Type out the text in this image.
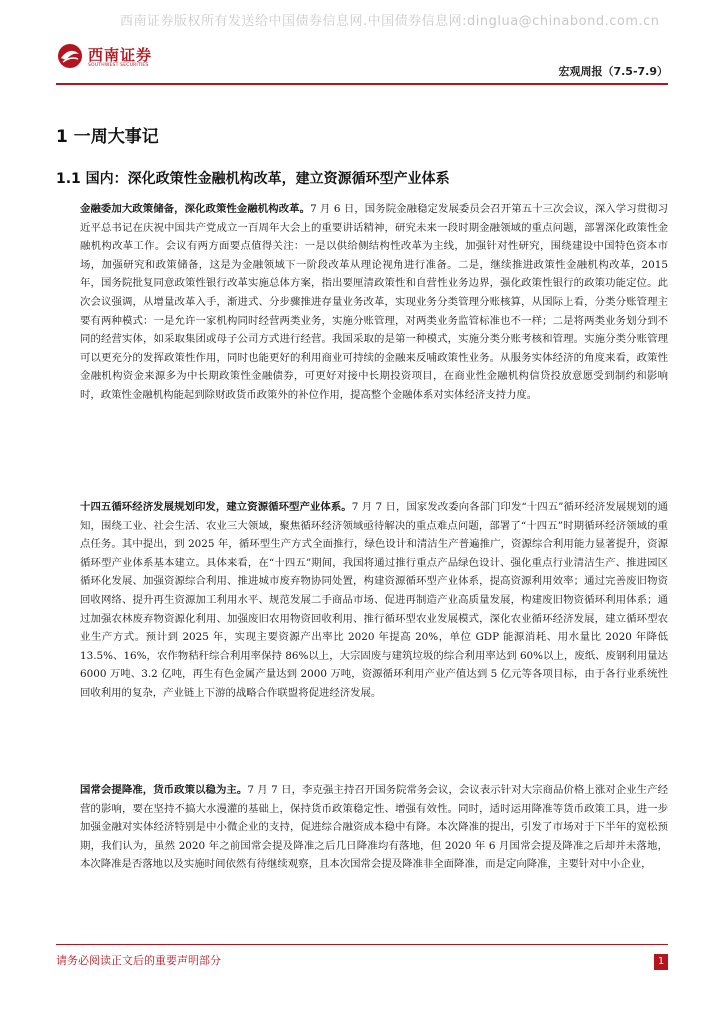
西南证券版权所有发送给中国债券信息网.中国债券信息网:dinglua@chinabond.com.cn
西南证券
SOUTHWEST SECURITIES	宏观周报（7.5-7.9）
1 一周大事记
1.1 国内：深化政策性金融机构改革，建立资源循环型产业体系
金融委加大政策储备，深化政策性金融机构改革。7 月 6 日，国务院金融稳定发展委员会召开第五十三次会议，深入学习贯彻习近平总书记在庆祝中国共产党成立一百周年大会上的重要讲话精神，研究未来一段时期金融领域的重点问题，部署深化政策性金融机构改革工作。会议有两方面要点值得关注：一是以供给侧结构性改革为主线，加强针对性研究，围绕建设中国特色资本市场，加强研究和政策储备，这是为金融领域下一阶段改革从理论视角进行准备。二是，继续推进政策性金融机构改革，2015 年，国务院批复同意政策性银行改革实施总体方案，指出要厘清政策性和自营性业务边界，强化政策性银行的政策功能定位。此次会议强调，从增量改革入手，渐进式、分步骤推进存量业务改革，实现业务分类管理分账核算，从国际上看，分类分账管理主要有两种模式：一是允许一家机构同时经营两类业务，实施分账管理，对两类业务监管标准也不一样；二是将两类业务划分到不同的经营实体，如采取集团或母子公司方式进行经营。我国采取的是第一种模式，实施分类分账考核和管理。实施分类分账管理可以更充分的发挥政策性作用，同时也能更好的利用商业可持续的金融来反哺政策性业务。从服务实体经济的角度来看，政策性金融机构资金来源多为中长期政策性金融债券，可更好对接中长期投资项目，在商业性金融机构信贷投放意愿受到制约和影响时，政策性金融机构能起到除财政货币政策外的补位作用，提高整个金融体系对实体经济支持力度。
十四五循环经济发展规划印发，建立资源循环型产业体系。7 月 7 日，国家发改委向各部门印发“十四五”循环经济发展规划的通知，围绕工业、社会生活、农业三大领域，聚焦循环经济领域亟待解决的重点难点问题，部署了“十四五”时期循环经济领域的重点任务。其中提出，到 2025 年，循环型生产方式全面推行，绿色设计和清洁生产普遍推广，资源综合利用能力显著提升，资源循环型产业体系基本建立。具体来看，在“十四五”期间，我国将通过推行重点产品绿色设计、强化重点行业清洁生产、推进园区循环化发展、加强资源综合利用、推进城市废弃物协同处置，构建资源循环型产业体系，提高资源利用效率；通过完善废旧物资回收网络、提升再生资源加工利用水平、规范发展二手商品市场、促进再制造产业高质量发展，构建废旧物资循环利用体系；通过加强农林废弃物资源化利用、加强废旧农用物资回收利用、推行循环型农业发展模式，深化农业循环经济发展，建立循环型农业生产方式。预计到 2025 年，实现主要资源产出率比 2020 年提高 20%，单位 GDP 能源消耗、用水量比 2020 年降低 13.5%、16%，农作物秸秆综合利用率保持 86%以上，大宗固废与建筑垃圾的综合利用率达到 60%以上，废纸、废钢利用量达 6000 万吨、3.2 亿吨，再生有色金属产量达到 2000 万吨，资源循环利用产业产值达到 5 亿元等各项目标，由于各行业系统性回收利用的复杂，产业链上下游的战略合作联盟将促进经济发展。
国常会提降准，货币政策以稳为主。7 月 7 日，李克强主持召开国务院常务会议，会议表示针对大宗商品价格上涨对企业生产经营的影响，要在坚持不搞大水漫灌的基础上，保持货币政策稳定性、增强有效性。同时，适时运用降准等货币政策工具，进一步加强金融对实体经济特别是中小微企业的支持，促进综合融资成本稳中有降。本次降准的提出，引发了市场对于下半年的宽松预期，我们认为，虽然 2020 年之前国常会提及降准之后几日降准均有落地，但 2020 年 6 月国常会提及降准之后却并未落地，本次降准是否落地以及实施时间依然有待继续观察，且本次国常会提及降准非全面降准，而是定向降准，主要针对中小企业，
请务必阅读正文后的重要声明部分	1
